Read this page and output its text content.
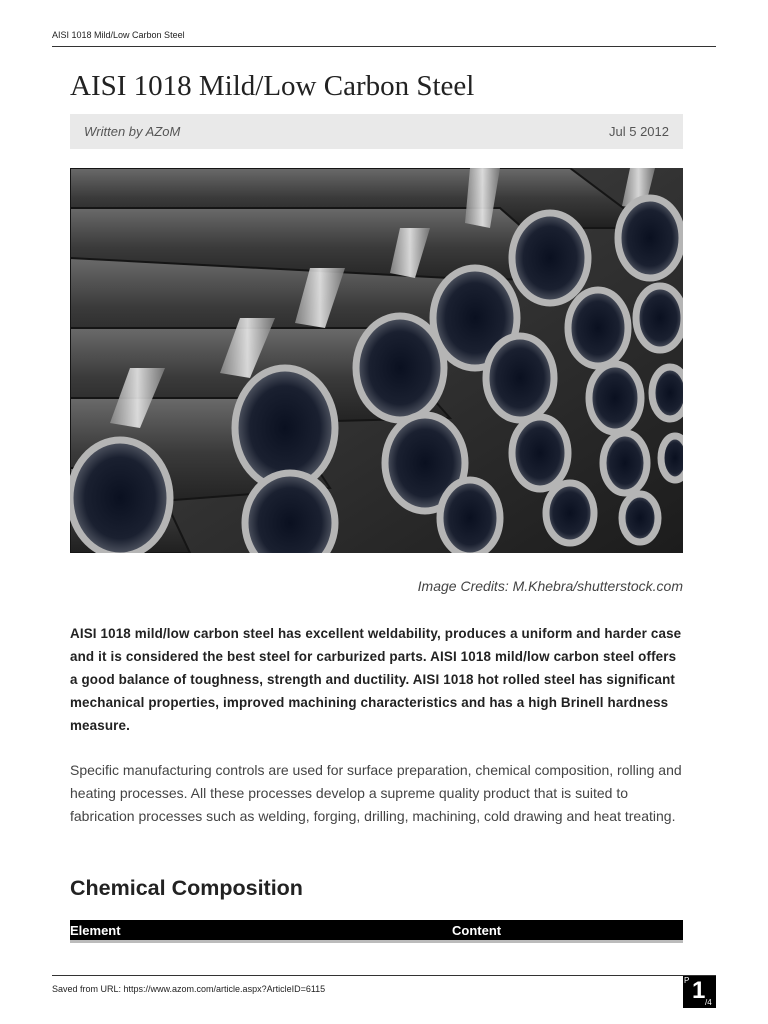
AISI 1018 Mild/Low Carbon Steel
AISI 1018 Mild/Low Carbon Steel
Written by AZoM	Jul 5 2012
Image Credits: M.Khebra/shutterstock.com

AISI 1018 mild/low carbon steel has excellent weldability, produces a uniform and harder case and it is considered the best steel for carburized parts. AISI 1018 mild/low carbon steel offers a good balance of toughness, strength and ductility. AISI 1018 hot rolled steel has significant mechanical properties, improved machining characteristics and has a high Brinell hardness measure.

Specific manufacturing controls are used for surface preparation, chemical composition, rolling and heating processes. All these processes develop a supreme quality product that is suited to fabrication processes such as welding, forging, drilling, machining, cold drawing and heat treating.

Chemical Composition
Element	Content
Saved from URL: https://www.azom.com/article.aspx?ArticleID=6115
P 1 /4
